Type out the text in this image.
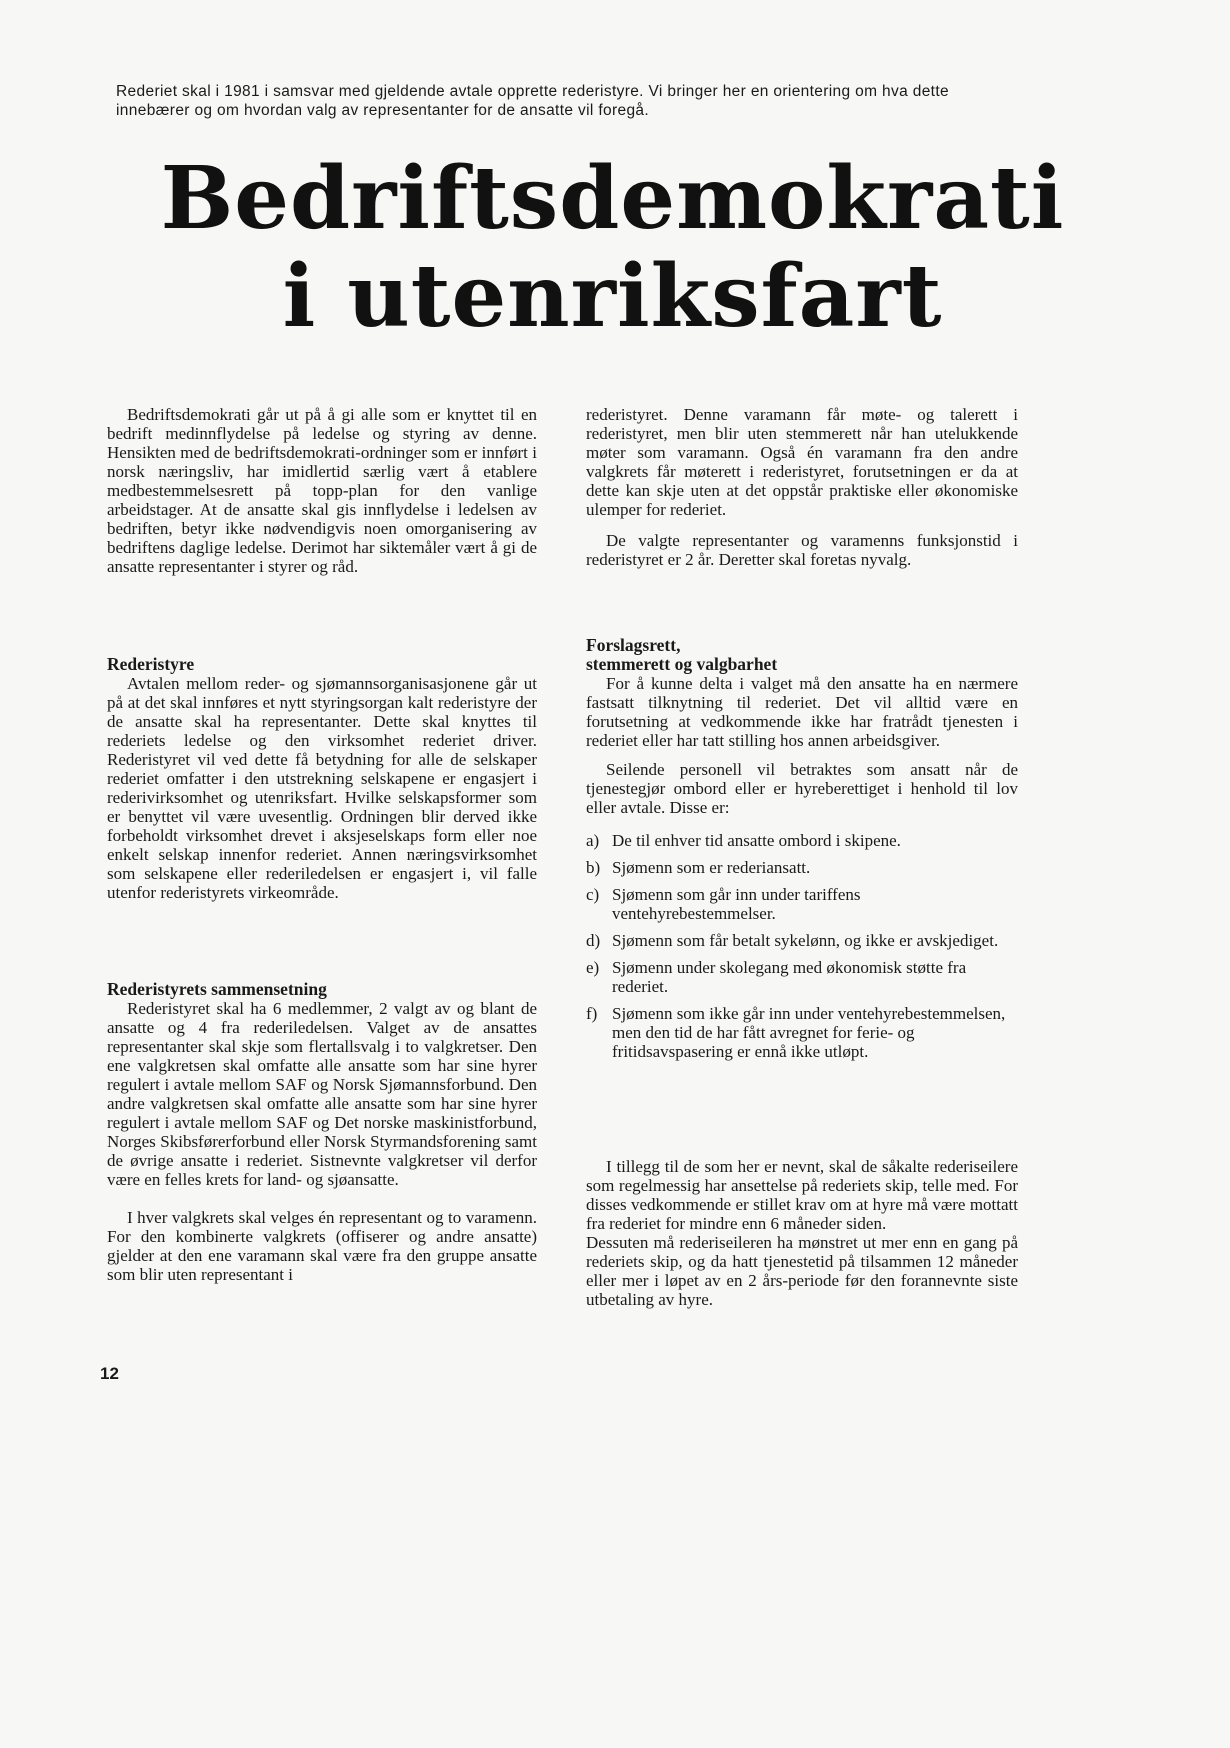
Rederiet skal i 1981 i samsvar med gjeldende avtale opprette rederistyre. Vi bringer her en orientering om hva dette innebærer og om hvordan valg av representanter for de ansatte vil foregå.

Bedriftsdemokrati
i utenriksfart

Bedriftsdemokrati går ut på å gi alle som er knyttet til en bedrift medinnflydelse på ledelse og styring av denne. Hensikten med de bedriftsdemokrati-ordninger som er innført i norsk næringsliv, har imidlertid særlig vært å etablere medbestemmelsesrett på topp-plan for den vanlige arbeidstager. At de ansatte skal gis innflydelse i ledelsen av bedriften, betyr ikke nødvendigvis noen omorganisering av bedriftens daglige ledelse. Derimot har siktemåler vært å gi de ansatte representanter i styrer og råd.

Rederistyre

Avtalen mellom reder- og sjømannsorganisasjonene går ut på at det skal innføres et nytt styringsorgan kalt rederistyre der de ansatte skal ha representanter. Dette skal knyttes til rederiets ledelse og den virksomhet rederiet driver. Rederistyret vil ved dette få betydning for alle de selskaper rederiet omfatter i den utstrekning selskapene er engasjert i rederivirksomhet og utenriksfart. Hvilke selskapsformer som er benyttet vil være uvesentlig. Ordningen blir derved ikke forbeholdt virksomhet drevet i aksjeselskaps form eller noe enkelt selskap innenfor rederiet. Annen næringsvirksomhet som selskapene eller rederiledelsen er engasjert i, vil falle utenfor rederistyrets virkeområde.

Rederistyrets sammensetning

Rederistyret skal ha 6 medlemmer, 2 valgt av og blant de ansatte og 4 fra rederiledelsen. Valget av de ansattes representanter skal skje som flertallsvalg i to valgkretser. Den ene valgkretsen skal omfatte alle ansatte som har sine hyrer regulert i avtale mellom SAF og Norsk Sjømannsforbund. Den andre valgkretsen skal omfatte alle ansatte som har sine hyrer regulert i avtale mellom SAF og Det norske maskinistforbund, Norges Skibsførerforbund eller Norsk Styrmandsforening samt de øvrige ansatte i rederiet. Sistnevnte valgkretser vil derfor være en felles krets for land- og sjøansatte.

I hver valgkrets skal velges én representant og to varamenn. For den kombinerte valgkrets (offiserer og andre ansatte) gjelder at den ene varamann skal være fra den gruppe ansatte som blir uten representant i

rederistyret. Denne varamann får møte- og talerett i rederistyret, men blir uten stemmerett når han utelukkende møter som varamann. Også én varamann fra den andre valgkrets får møterett i rederistyret, forutsetningen er da at dette kan skje uten at det oppstår praktiske eller økonomiske ulemper for rederiet.

De valgte representanter og varamenns funksjonstid i rederistyret er 2 år. Deretter skal foretas nyvalg.

Forslagsrett,
stemmerett og valgbarhet

For å kunne delta i valget må den ansatte ha en nærmere fastsatt tilknytning til rederiet. Det vil alltid være en forutsetning at vedkommende ikke har fratrådt tjenesten i rederiet eller har tatt stilling hos annen arbeidsgiver.

Seilende personell vil betraktes som ansatt når de tjenestegjør ombord eller er hyreberettiget i henhold til lov eller avtale. Disse er:

a) De til enhver tid ansatte ombord i skipene.
b) Sjømenn som er rederiansatt.
c) Sjømenn som går inn under tariffens ventehyrebestemmelser.
d) Sjømenn som får betalt sykelønn, og ikke er avskjediget.
e) Sjømenn under skolegang med økonomisk støtte fra rederiet.
f) Sjømenn som ikke går inn under ventehyrebestemmelsen, men den tid de har fått avregnet for ferie- og fritidsavspasering er ennå ikke utløpt.

I tillegg til de som her er nevnt, skal de såkalte rederiseilere som regelmessig har ansettelse på rederiets skip, telle med. For disses vedkommende er stillet krav om at hyre må være mottatt fra rederiet for mindre enn 6 måneder siden.

Dessuten må rederiseileren ha mønstret ut mer enn en gang på rederiets skip, og da hatt tjenestetid på tilsammen 12 måneder eller mer i løpet av en 2 års-periode før den forannevnte siste utbetaling av hyre.

12
